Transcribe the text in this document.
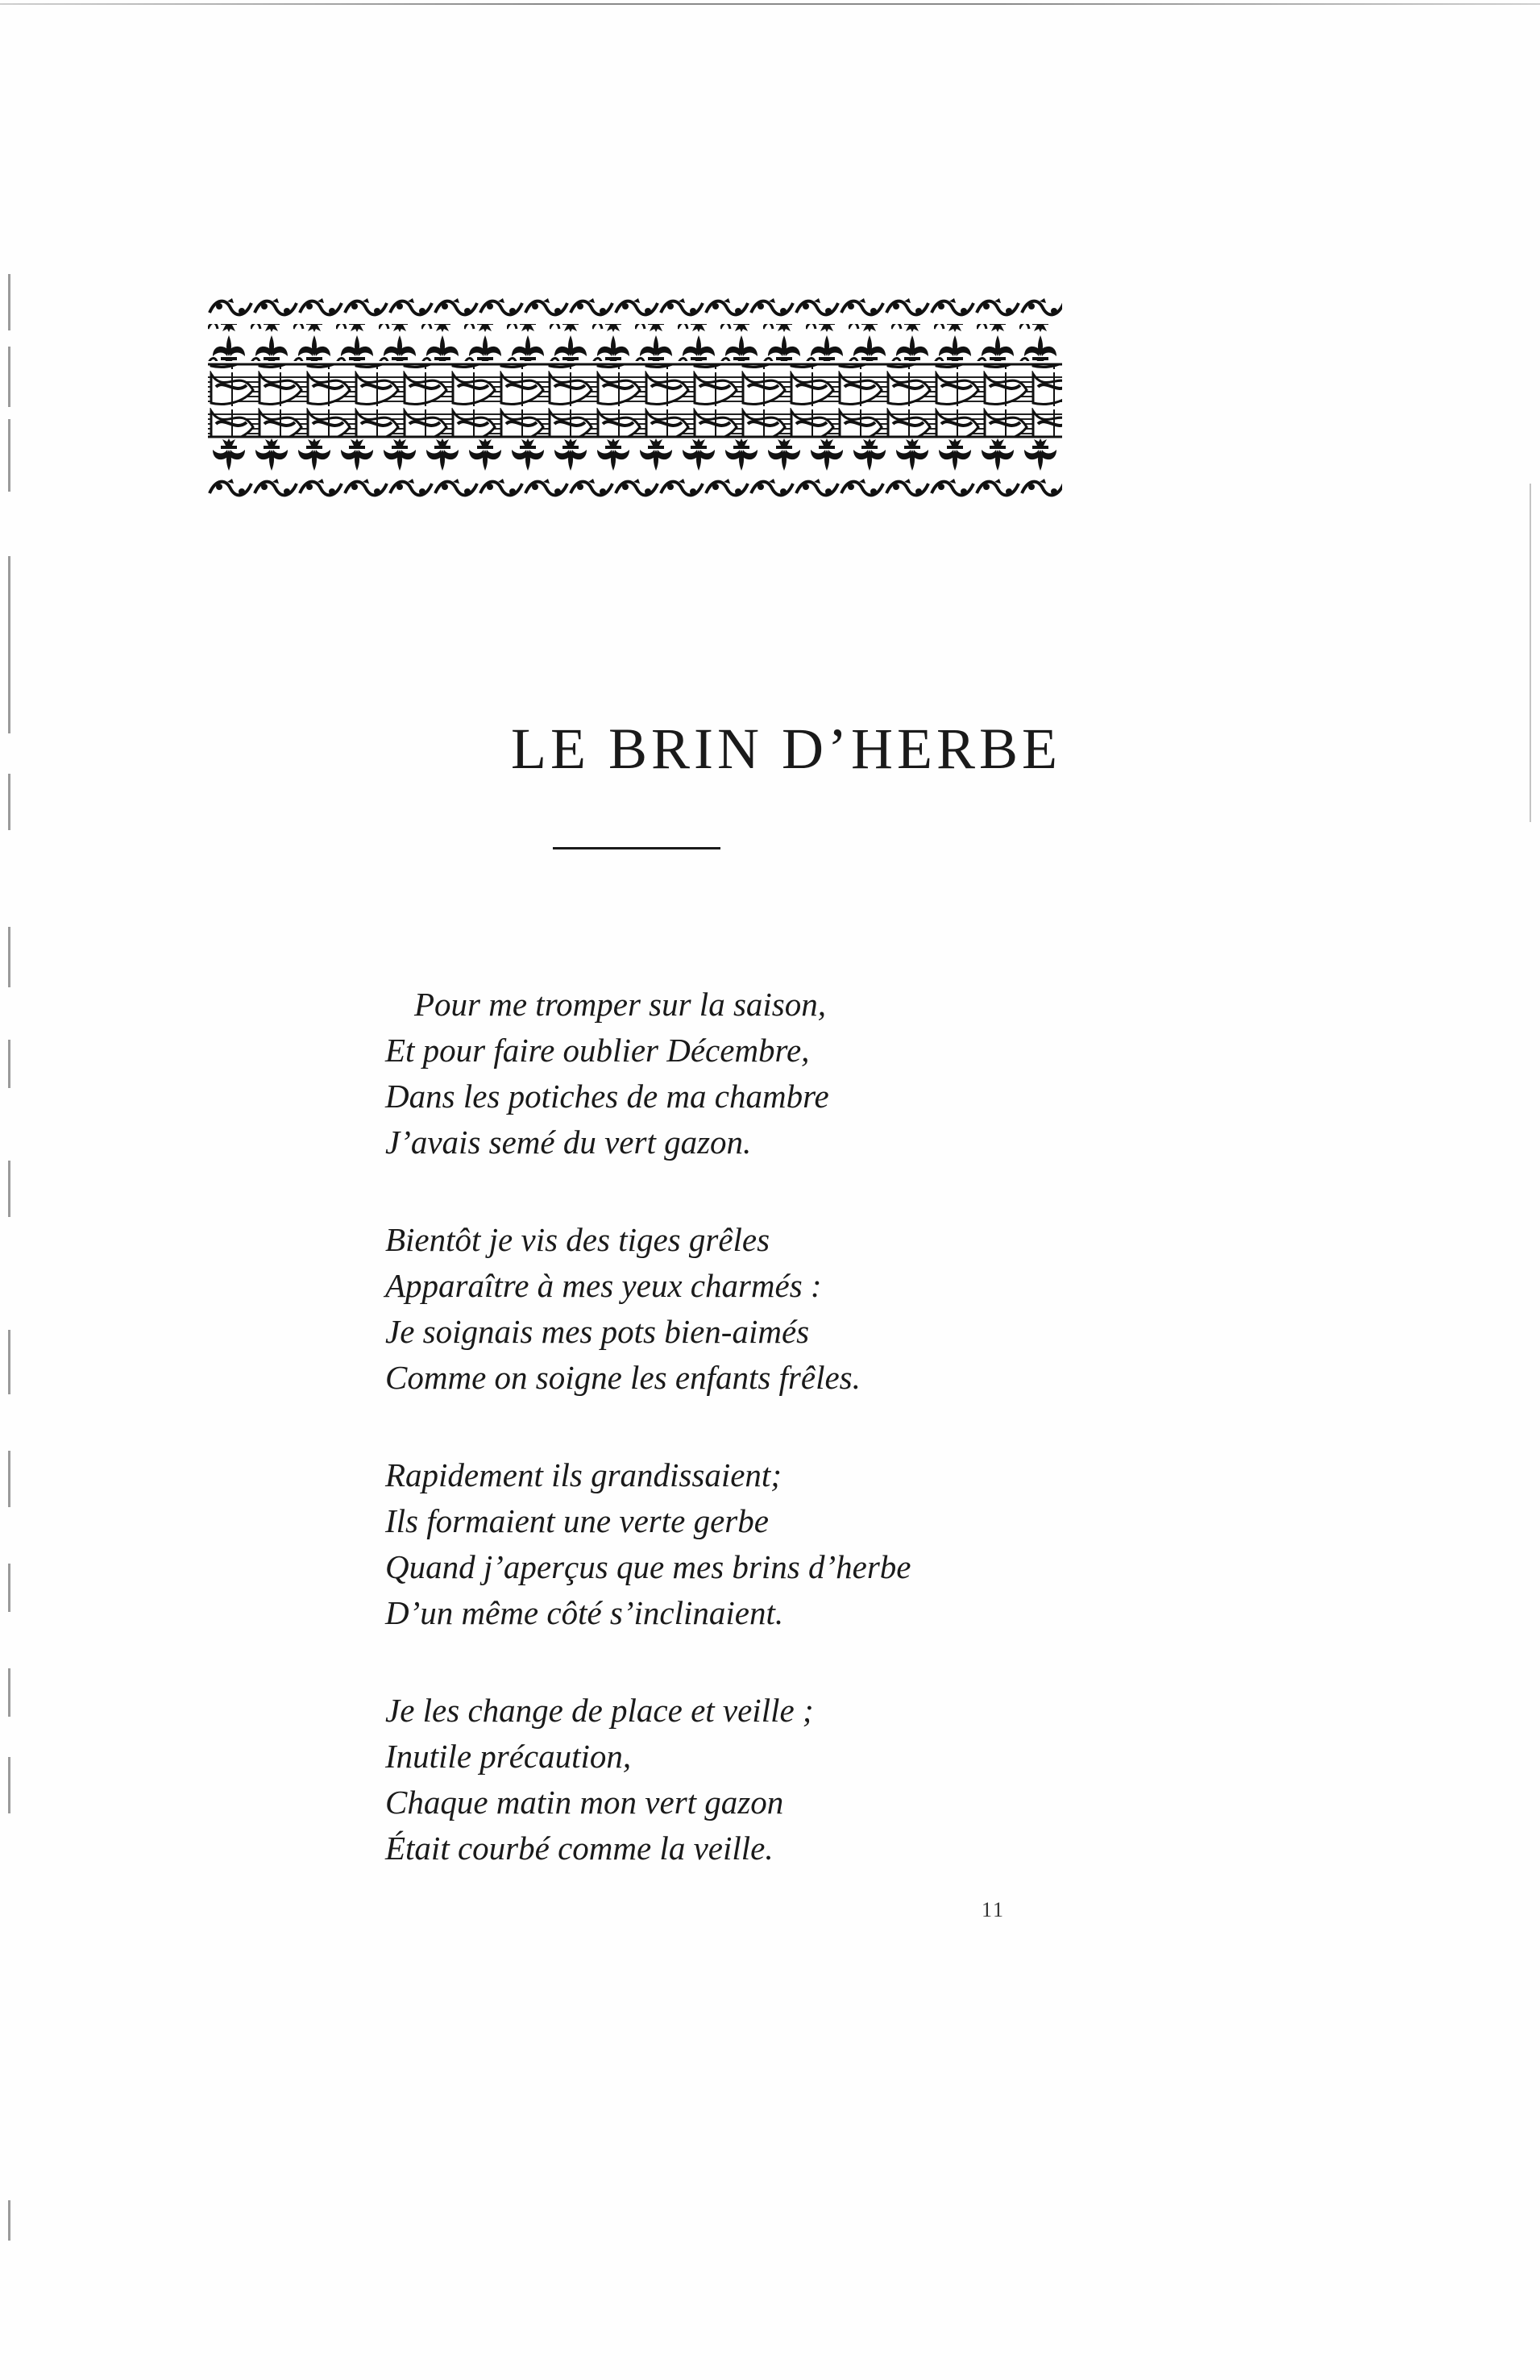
LE BRIN D’HERBE
Pour me tromper sur la saison,
Et pour faire oublier Décembre,
Dans les potiches de ma chambre
J’avais semé du vert gazon.
Bientôt je vis des tiges grêles
Apparaître à mes yeux charmés :
Je soignais mes pots bien-aimés
Comme on soigne les enfants frêles.
Rapidement ils grandissaient;
Ils formaient une verte gerbe
Quand j’aperçus que mes brins d’herbe
D’un même côté s’inclinaient.
Je les change de place et veille ;
Inutile précaution,
Chaque matin mon vert gazon
Était courbé comme la veille.
11
